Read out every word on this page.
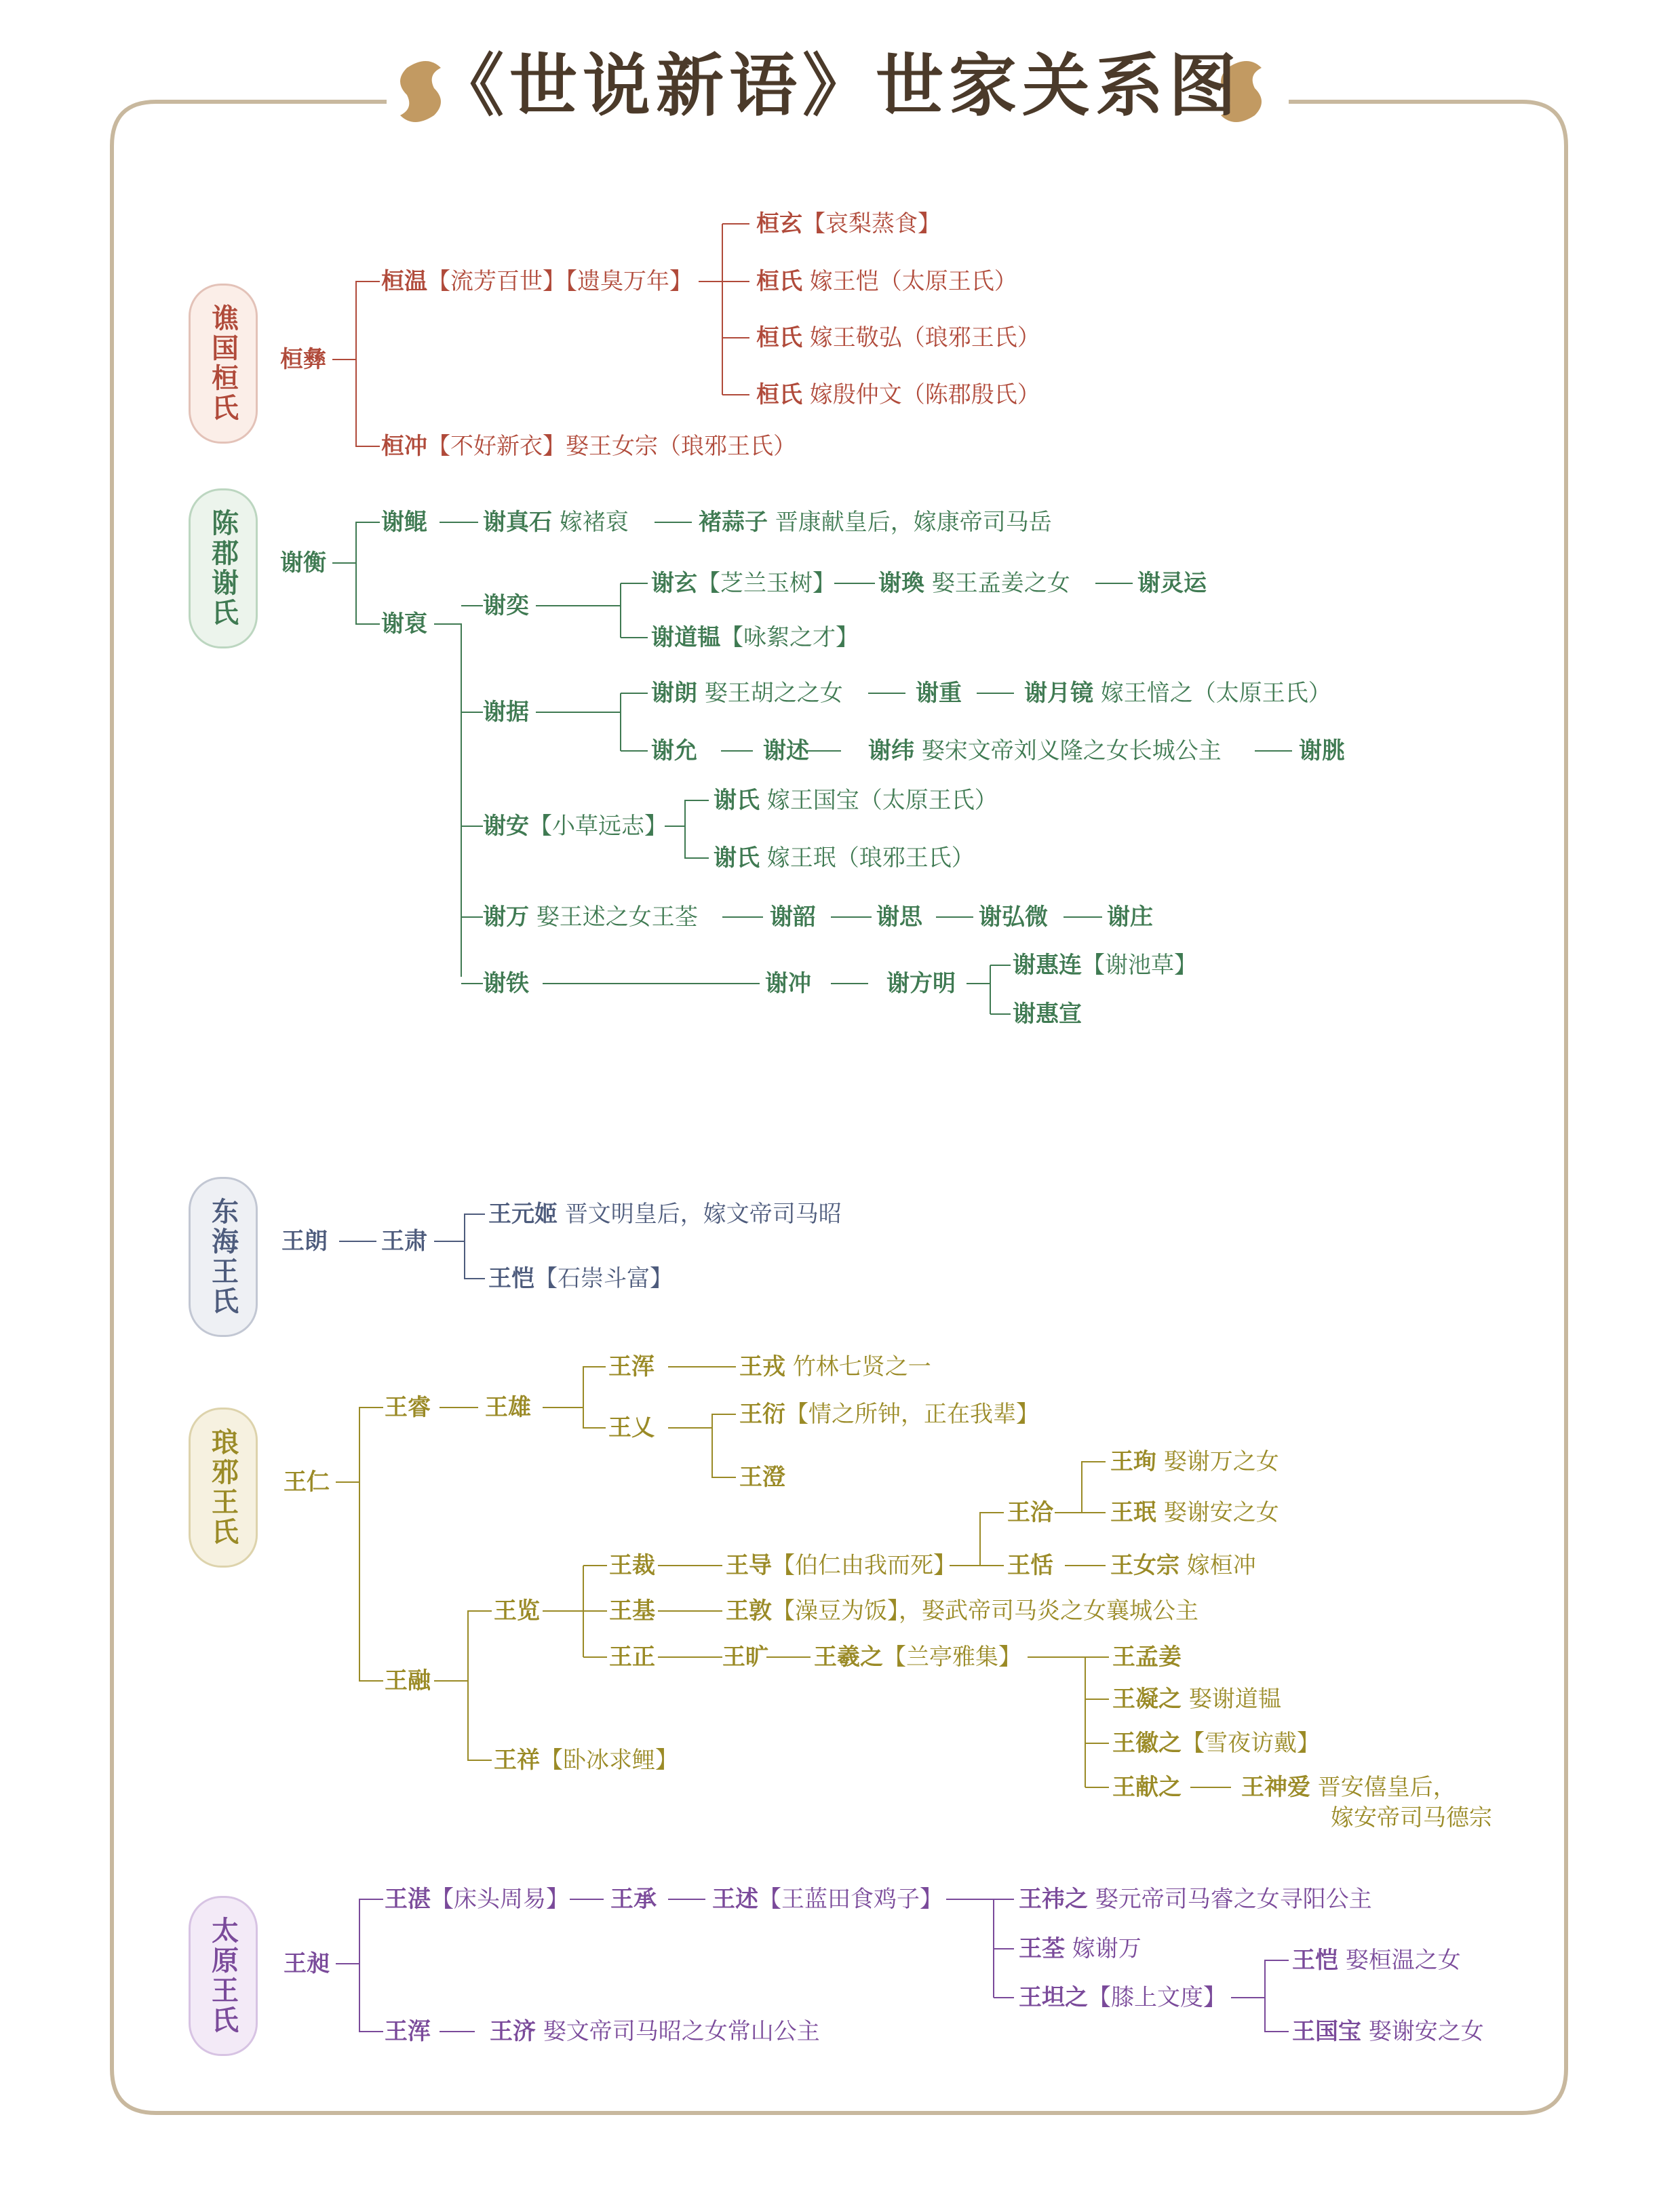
《世说新语》世家关系图
谯国桓氏
陈郡谢氏
东海王氏
琅邪王氏
太原王氏
桓彝
桓温【流芳百世】【遗臭万年】
桓玄【哀梨蒸食】
桓氏 嫁王恺（太原王氏）
桓氏 嫁王敬弘（琅邪王氏）
桓氏 嫁殷仲文（陈郡殷氏）
桓冲【不好新衣】娶王女宗（琅邪王氏）
谢衡
谢鲲 谢真石 嫁褚裒	褚蒜子 晋康献皇后，嫁康帝司马岳
谢裒
谢奕
谢玄【芝兰玉树】 谢瑍 娶王孟姜之女	谢灵运
谢道韫【咏絮之才】
谢据
谢朗 娶王胡之之女	谢重	谢月镜 嫁王愔之（太原王氏）
谢允	谢述	谢纬 娶宋文帝刘义隆之女长城公主	谢朓
谢安【小草远志】
谢氏 嫁王国宝（太原王氏）
谢氏 嫁王珉（琅邪王氏）
谢万 娶王述之女王荃	谢韶	谢思 谢弘微	谢庄
谢铁	谢冲	谢方明
谢惠连【谢池草】
谢惠宣
王朗 王肃
王元姬 晋文明皇后，嫁文帝司马昭
王恺【石崇斗富】
王仁
王睿 王雄
王浑	王戎 竹林七贤之一
王乂	王衍【情之所钟，正在我辈】
王澄
王融
王览
王裁	王导【伯仁由我而死】
王洽
王珣 娶谢万之女
王珉 娶谢安之女
王恬 王女宗 嫁桓冲
王基	王敦【澡豆为饭】，娶武帝司马炎之女襄城公主
王正	王旷 王羲之【兰亭雅集】	王孟姜
王凝之 娶谢道韫
王徽之【雪夜访戴】
王献之	王神爱 晋安僖皇后，
嫁安帝司马德宗
王祥【卧冰求鲤】
王昶
王湛【床头周易】 王承 王述【王蓝田食鸡子】	王祎之 娶元帝司马睿之女寻阳公主
王荃 嫁谢万
王坦之【膝上文度】
王恺 娶桓温之女
王国宝 娶谢安之女
王浑	王济 娶文帝司马昭之女常山公主
